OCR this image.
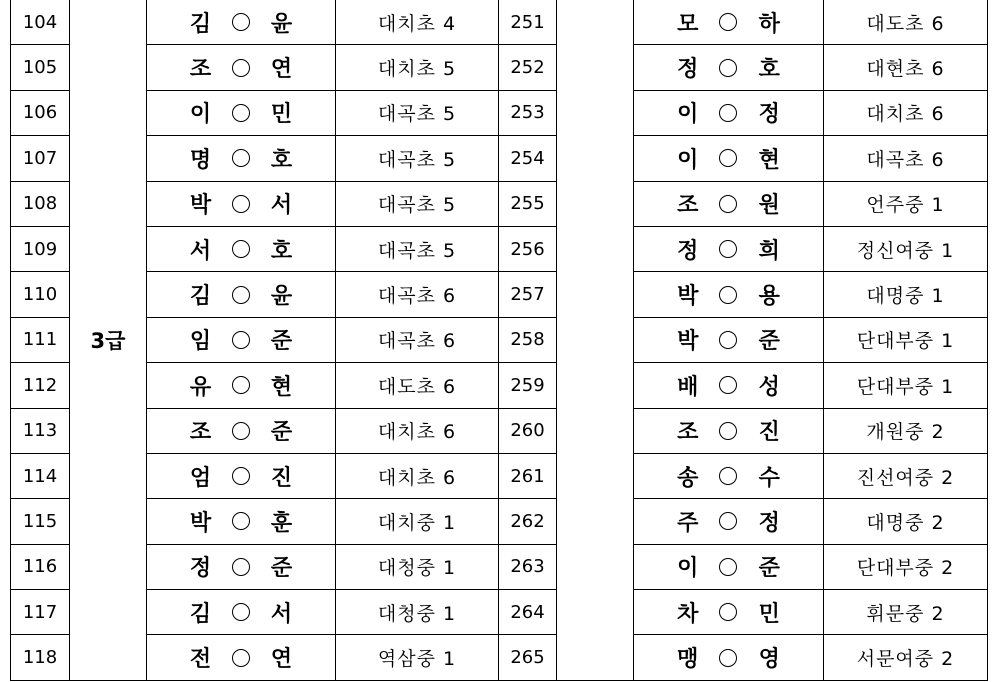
104	3급	김 윤	대치초 4	251		모 하	대도초 6
105		조 연	대치초 5	252		정 호	대현초 6
106		이 민	대곡초 5	253		이 정	대치초 6
107		명 호	대곡초 5	254		이 현	대곡초 6
108		박 서	대곡초 5	255		조 원	언주중 1
109		서 호	대곡초 5	256		정 희	정신여중 1
110		김 윤	대곡초 6	257		박 용	대명중 1
111		임 준	대곡초 6	258		박 준	단대부중 1
112		유 현	대도초 6	259		배 성	단대부중 1
113		조 준	대치초 6	260		조 진	개원중 2
114		엄 진	대치초 6	261		송 수	진선여중 2
115		박 훈	대치중 1	262		주 정	대명중 2
116		정 준	대청중 1	263		이 준	단대부중 2
117		김 서	대청중 1	264		차 민	휘문중 2
118		전 연	역삼중 1	265		맹 영	서문여중 2
